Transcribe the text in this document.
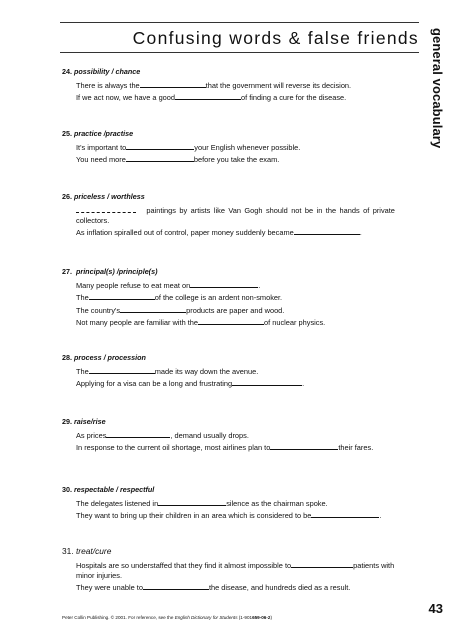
Confusing words & false friends general vocabulary
24. possibility / chance
There is always the	that the government will reverse its decision.
If we act now, we have a good	of finding a cure for the disease.
25. practice /practise
It's important to	your English whenever possible.
You need more	before you take the exam.
26. priceless / worthless
paintings by artists like Van Gogh should not be in the hands of private
collectors.
As inflation spiralled out of control, paper money suddenly became	.
27. principal(s) /principle(s)
Many people refuse to eat meat on	.
The	of the college is an ardent non-smoker.
The country's	products are paper and wood.
Not many people are familiar with the	of nuclear physics.
28. process / procession
The	made its way down the avenue.
Applying for a visa can be a long and frustrating	.
29. raise/rise
As prices	, demand usually drops.
In response to the current oil shortage, most airlines plan to	their fares.
30. respectable / respectful
The delegates listened in	silence as the chairman spoke.
They want to bring up their children in an area which is considered to be	.
31. treat/cure
Hospitals are so understaffed that they find it almost impossible to	patients with
minor injuries.
They were unable to	the disease, and hundreds died as a result.
43
Peter Collin Publishing. © 2001. For reference, see the English Dictionary for Students (1-901659-06-2)
